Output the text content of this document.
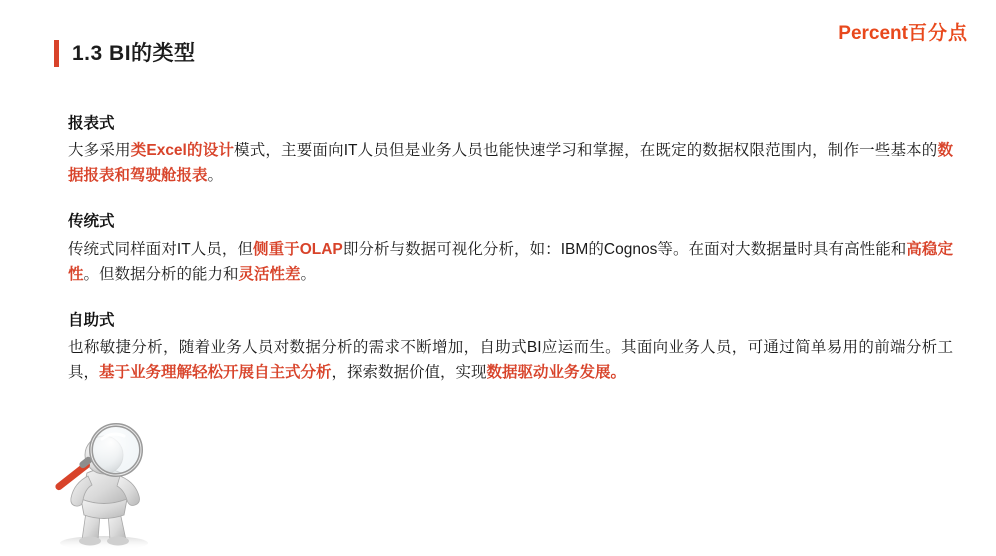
Percent百分点
1.3 BI的类型
报表式
大多采用类Excel的设计模式，主要面向IT人员但是业务人员也能快速学习和掌握，在既定的数据权限范围内，制作一些基本的数据报表和驾驶舱报表。
传统式
传统式同样面对IT人员，但侧重于OLAP即分析与数据可视化分析，如：IBM的Cognos等。在面对大数据量时具有高性能和高稳定性。但数据分析的能力和灵活性差。
自助式
也称敏捷分析，随着业务人员对数据分析的需求不断增加，自助式BI应运而生。其面向业务人员，可通过简单易用的前端分析工具，基于业务理解轻松开展自主式分析，探索数据价值，实现数据驱动业务发展。
